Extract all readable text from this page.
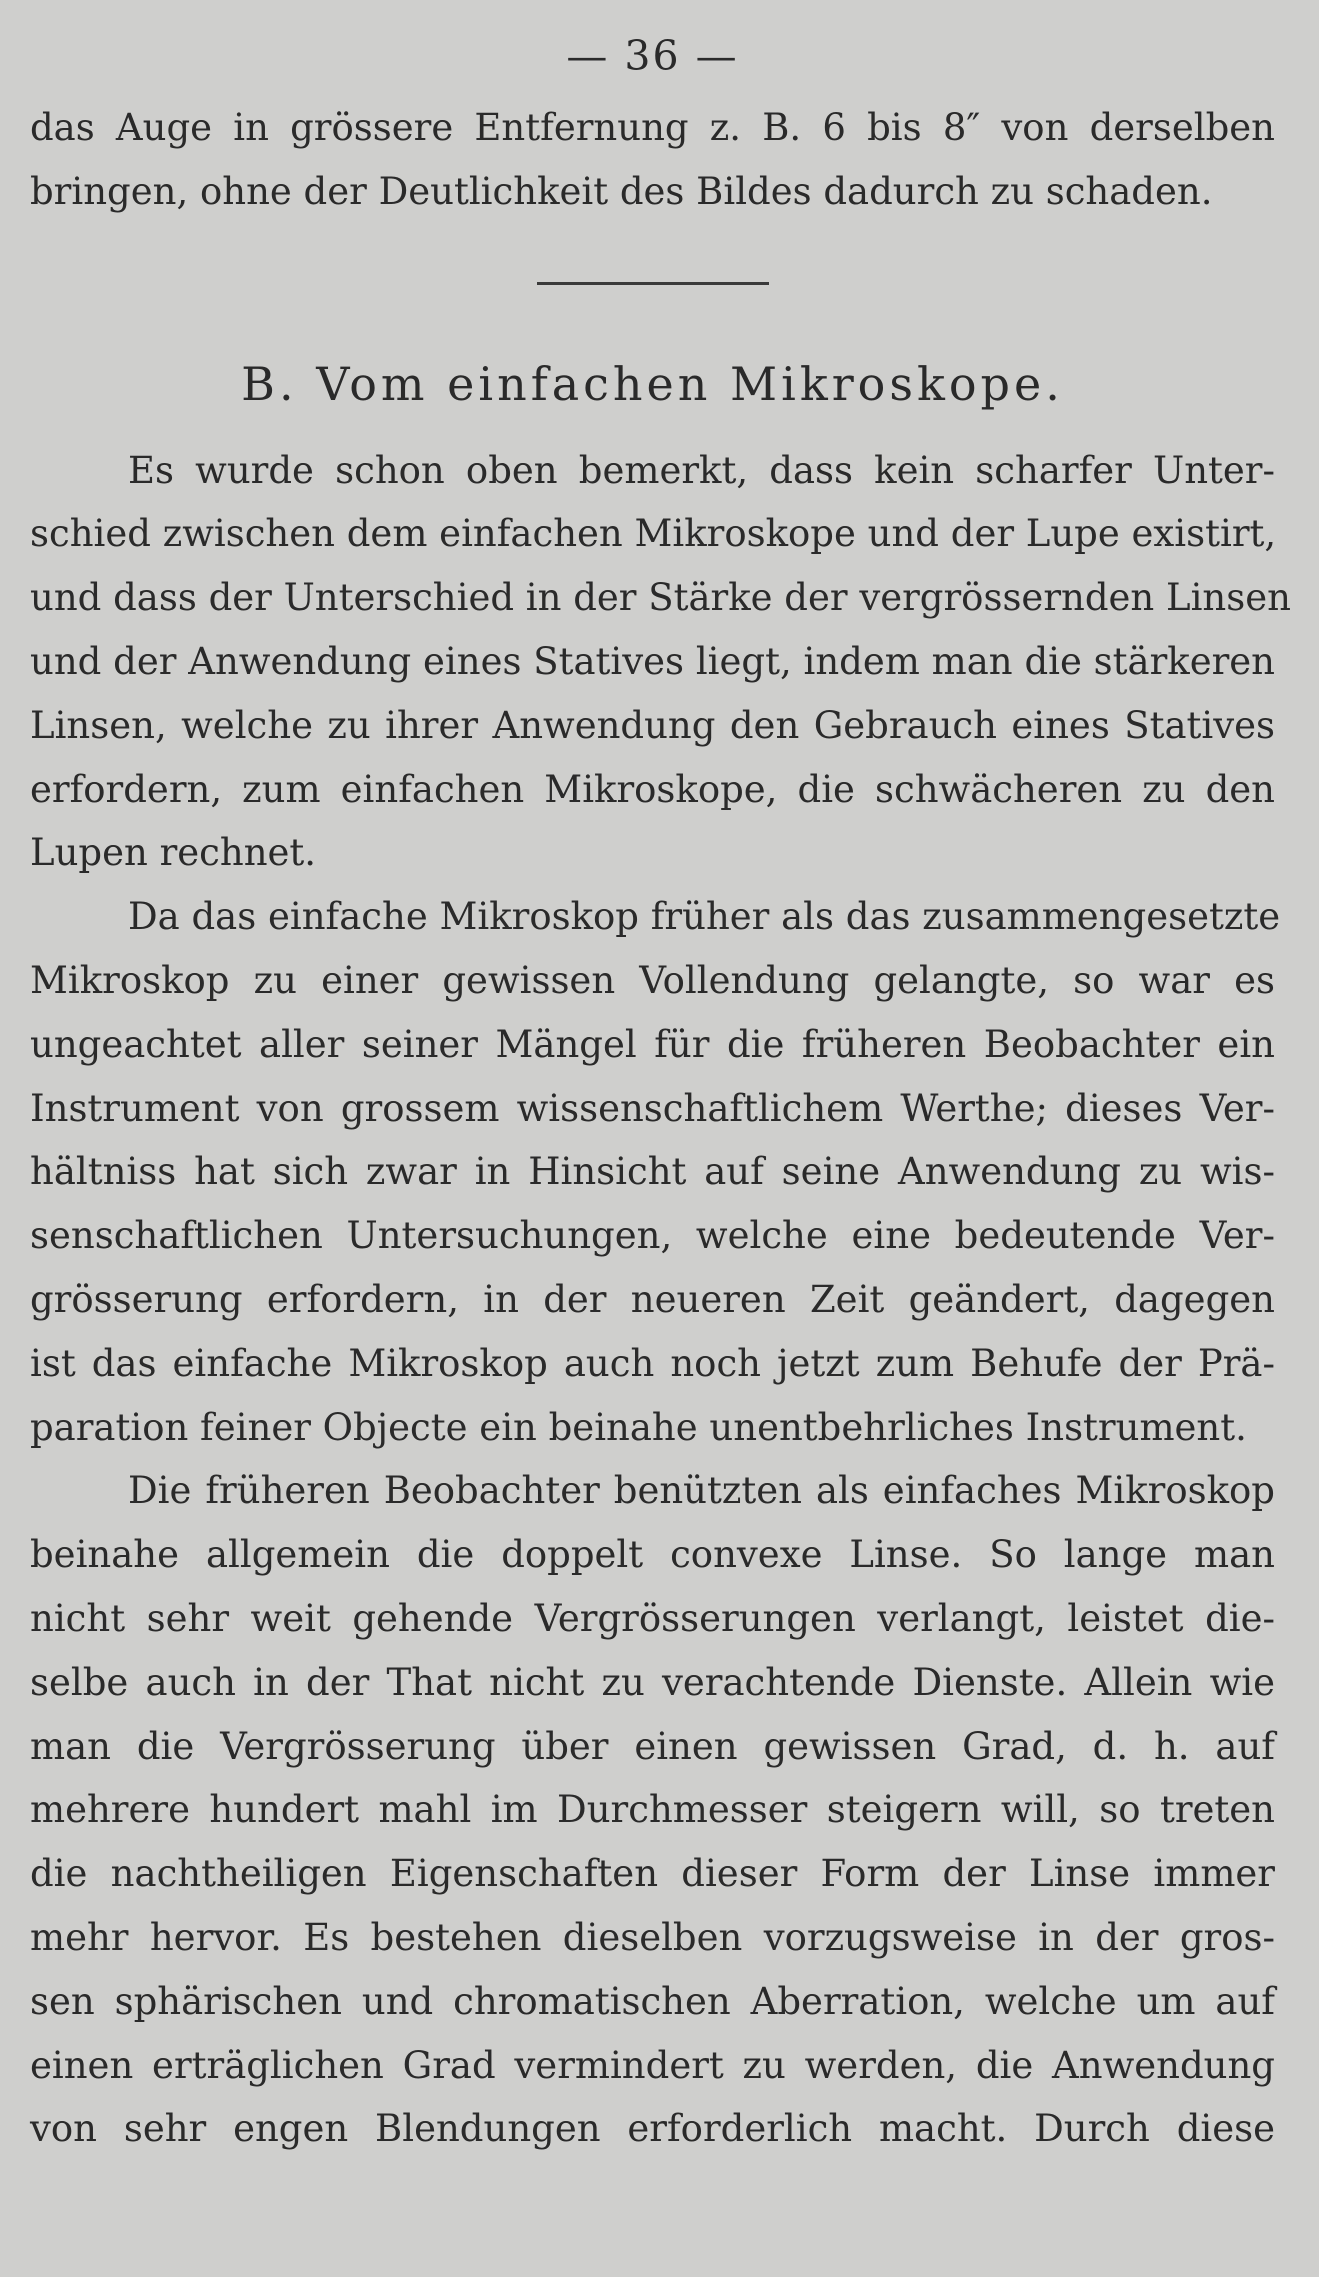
— 36 —
das Auge in grössere Entfernung z. B. 6 bis 8″ von derselben
bringen, ohne der Deutlichkeit des Bildes dadurch zu schaden.
B. Vom einfachen Mikroskope.
Es wurde schon oben bemerkt, dass kein scharfer Unter-
schied zwischen dem einfachen Mikroskope und der Lupe existirt,
und dass der Unterschied in der Stärke der vergrössernden Linsen
und der Anwendung eines Statives liegt, indem man die stärkeren
Linsen, welche zu ihrer Anwendung den Gebrauch eines Statives
erfordern, zum einfachen Mikroskope, die schwächeren zu den
Lupen rechnet.
Da das einfache Mikroskop früher als das zusammengesetzte
Mikroskop zu einer gewissen Vollendung gelangte, so war es
ungeachtet aller seiner Mängel für die früheren Beobachter ein
Instrument von grossem wissenschaftlichem Werthe; dieses Ver-
hältniss hat sich zwar in Hinsicht auf seine Anwendung zu wis-
senschaftlichen Untersuchungen, welche eine bedeutende Ver-
grösserung erfordern, in der neueren Zeit geändert, dagegen
ist das einfache Mikroskop auch noch jetzt zum Behufe der Prä-
paration feiner Objecte ein beinahe unentbehrliches Instrument.
Die früheren Beobachter benützten als einfaches Mikroskop
beinahe allgemein die doppelt convexe Linse. So lange man
nicht sehr weit gehende Vergrösserungen verlangt, leistet die-
selbe auch in der That nicht zu verachtende Dienste. Allein wie
man die Vergrösserung über einen gewissen Grad, d. h. auf
mehrere hundert mahl im Durchmesser steigern will, so treten
die nachtheiligen Eigenschaften dieser Form der Linse immer
mehr hervor. Es bestehen dieselben vorzugsweise in der gros-
sen sphärischen und chromatischen Aberration, welche um auf
einen erträglichen Grad vermindert zu werden, die Anwendung
von sehr engen Blendungen erforderlich macht. Durch diese
